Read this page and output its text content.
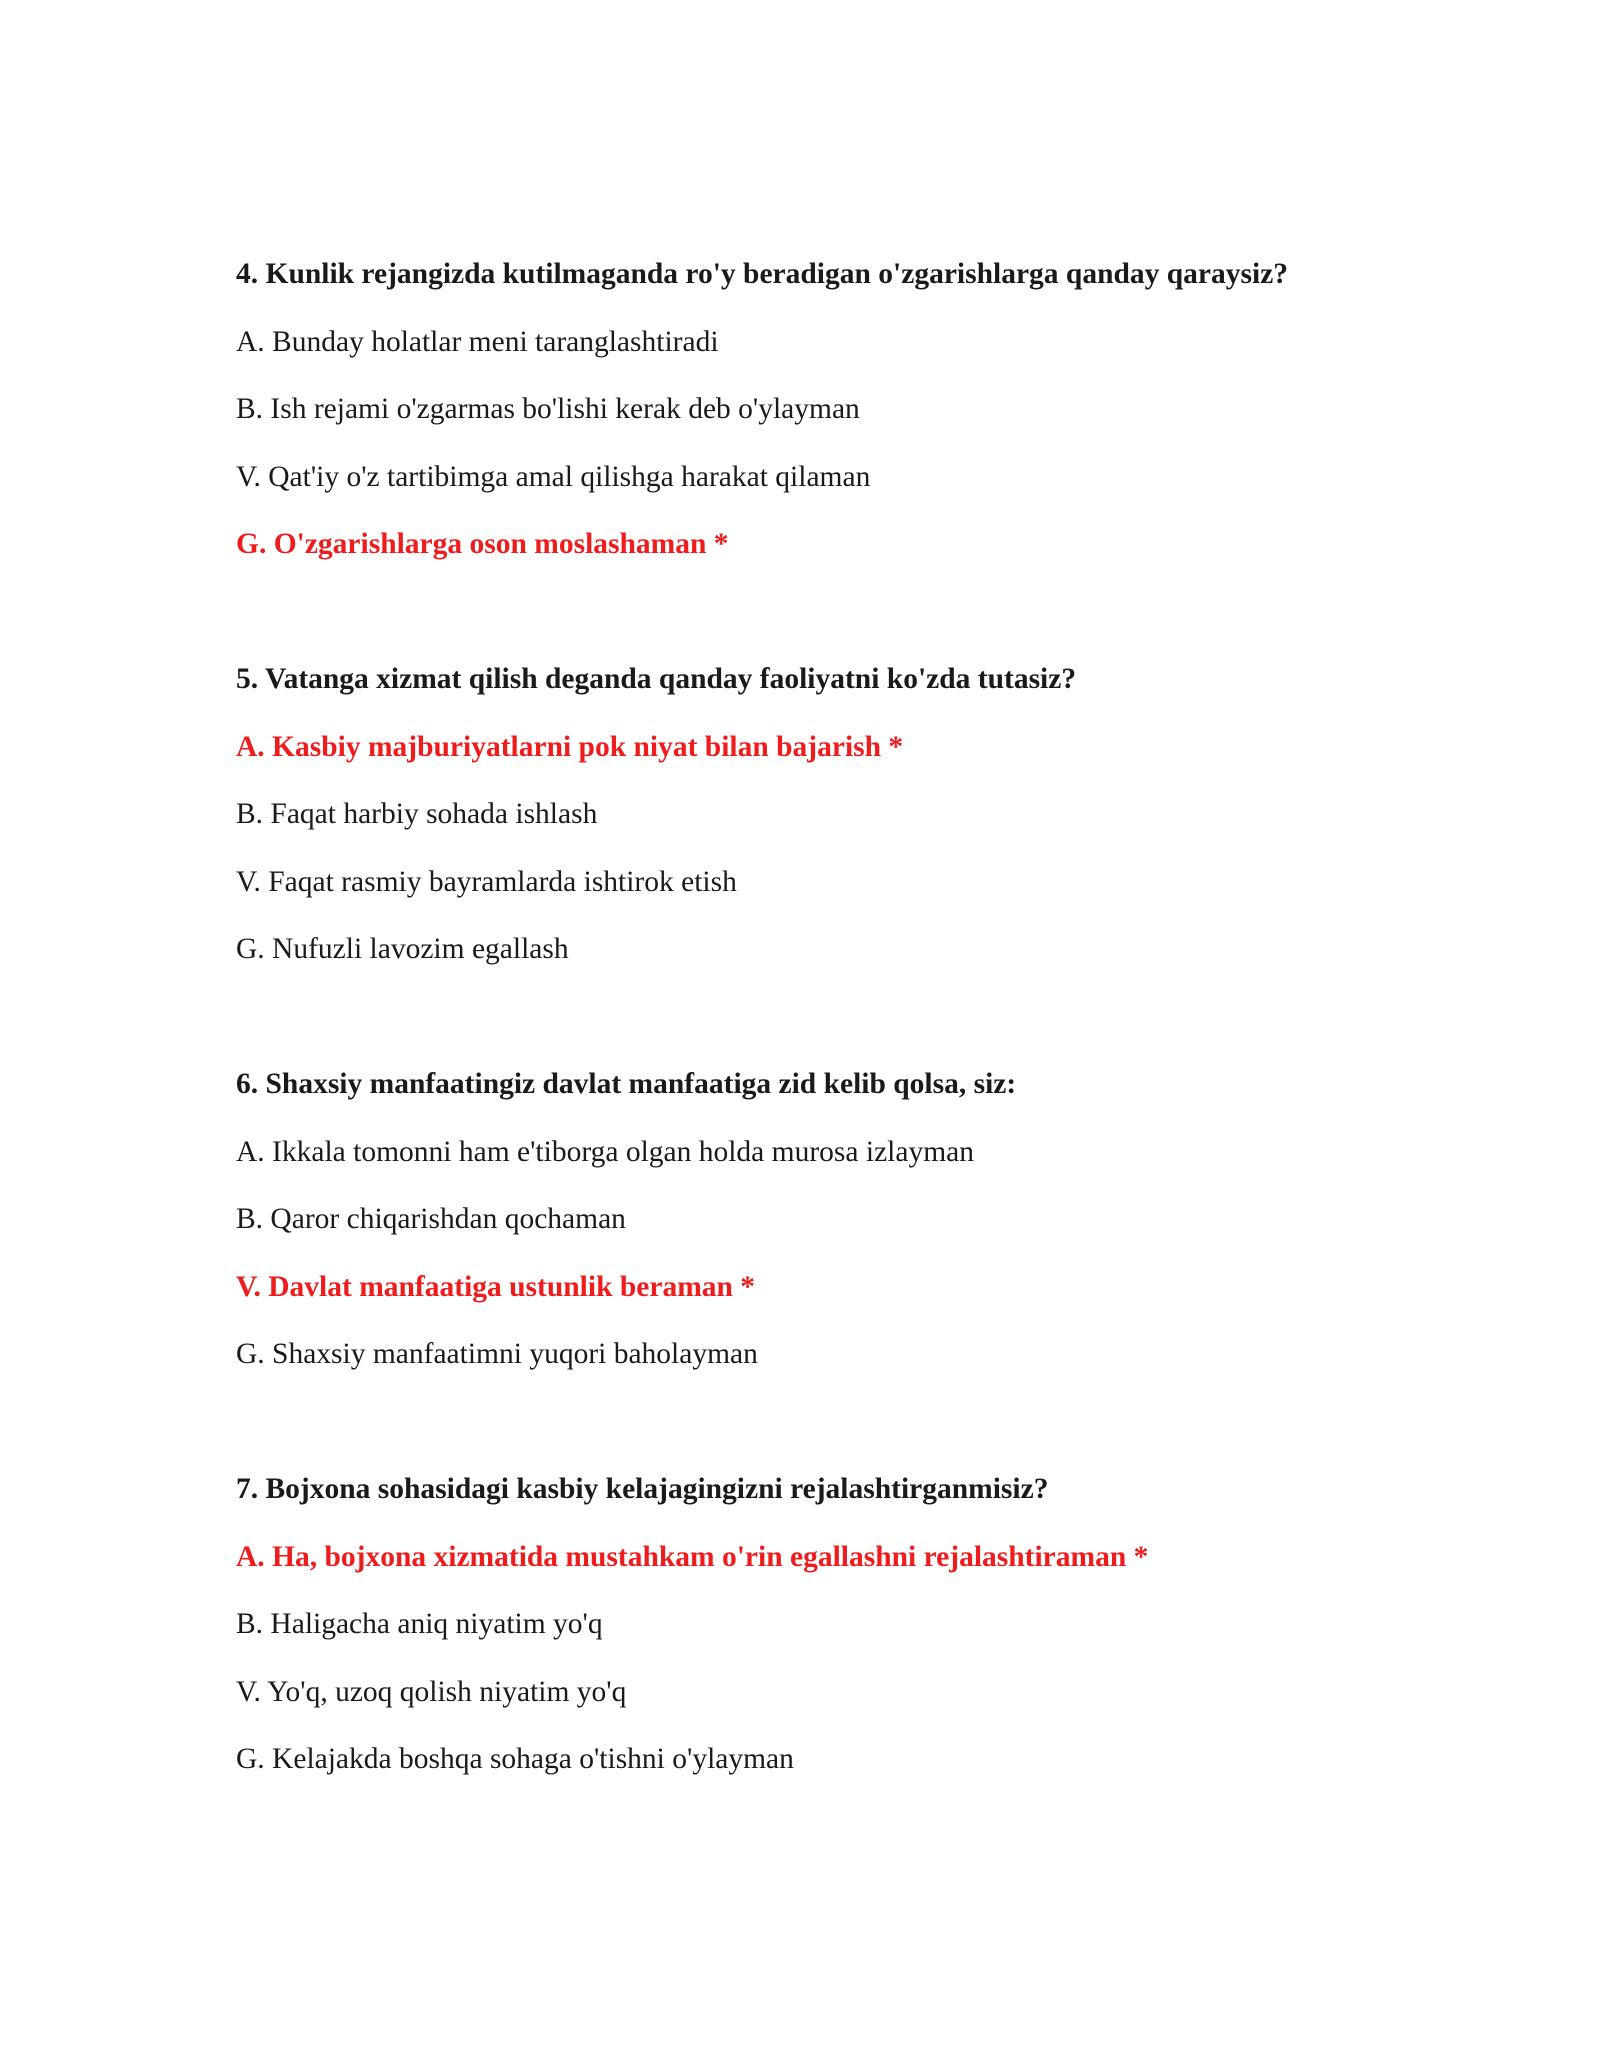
4. Kunlik rejangizda kutilmaganda ro'y beradigan o'zgarishlarga qanday qaraysiz?

A. Bunday holatlar meni taranglashtiradi

B. Ish rejami o'zgarmas bo'lishi kerak deb o'ylayman

V. Qat'iy o'z tartibimga amal qilishga harakat qilaman

G. O'zgarishlarga oson moslashaman *

5. Vatanga xizmat qilish deganda qanday faoliyatni ko'zda tutasiz?

A. Kasbiy majburiyatlarni pok niyat bilan bajarish *

B. Faqat harbiy sohada ishlash

V. Faqat rasmiy bayramlarda ishtirok etish

G. Nufuzli lavozim egallash

6. Shaxsiy manfaatingiz davlat manfaatiga zid kelib qolsa, siz:

A. Ikkala tomonni ham e'tiborga olgan holda murosa izlayman

B. Qaror chiqarishdan qochaman

V. Davlat manfaatiga ustunlik beraman *

G. Shaxsiy manfaatimni yuqori baholayman

7. Bojxona sohasidagi kasbiy kelajagingizni rejalashtirganmisiz?

A. Ha, bojxona xizmatida mustahkam o'rin egallashni rejalashtiraman *

B. Haligacha aniq niyatim yo'q

V. Yo'q, uzoq qolish niyatim yo'q

G. Kelajakda boshqa sohaga o'tishni o'ylayman
